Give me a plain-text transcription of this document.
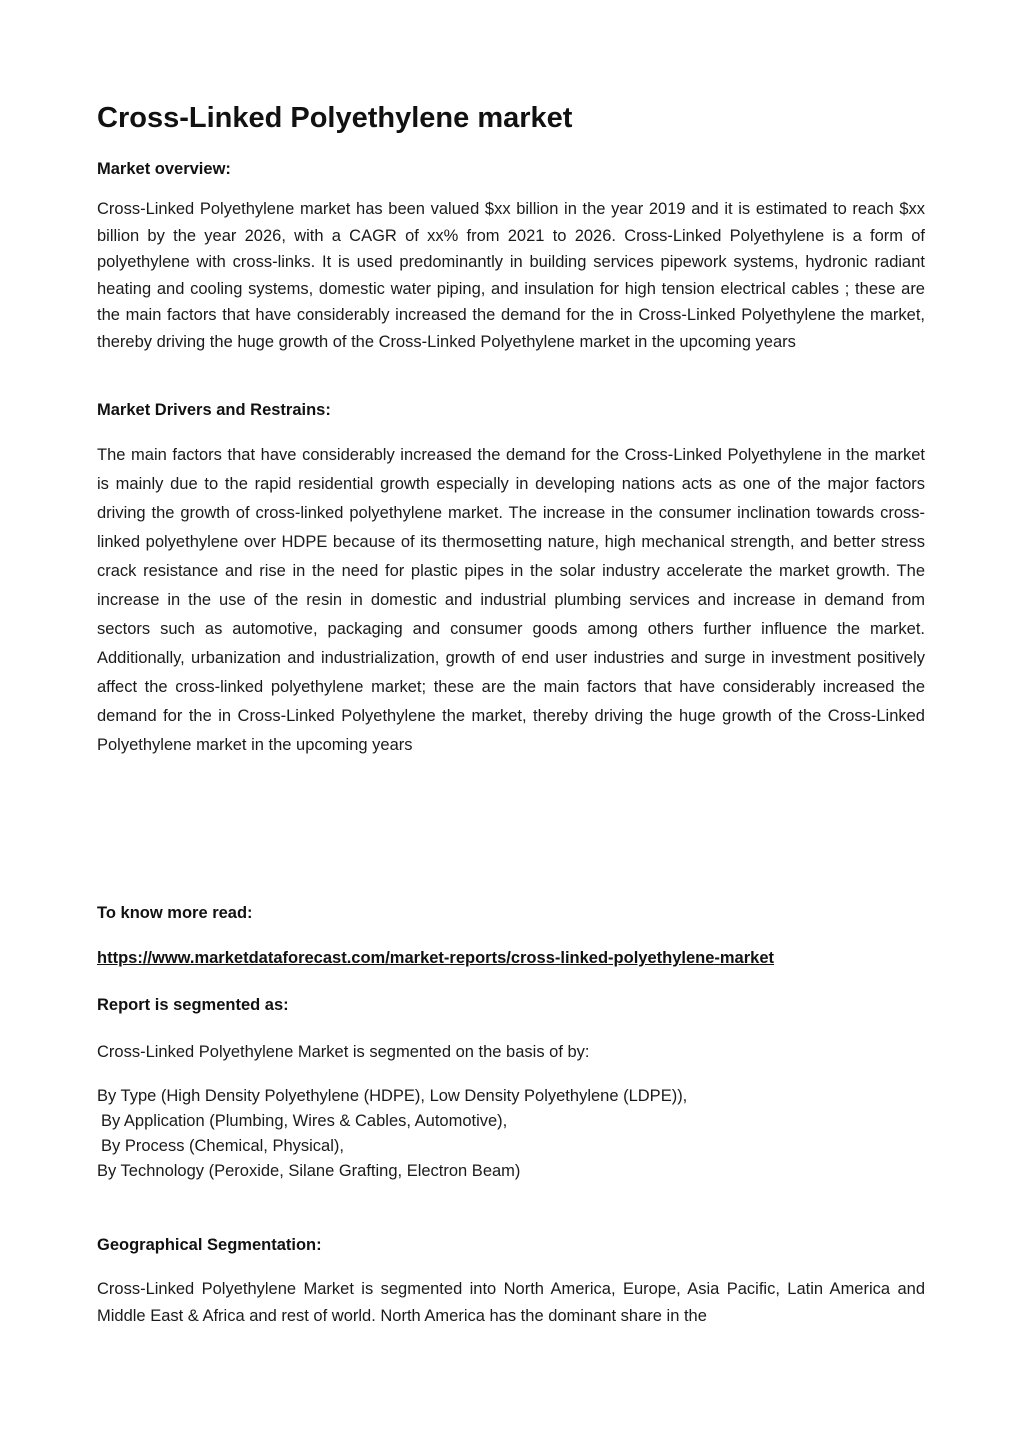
Cross-Linked Polyethylene market
Market overview:

Cross-Linked Polyethylene market has been valued $xx billion in the year 2019 and it is estimated to reach $xx billion by the year 2026, with a CAGR of xx% from 2021 to 2026. Cross-Linked Polyethylene is a form of polyethylene with cross-links. It is used predominantly in building services pipework systems, hydronic radiant heating and cooling systems, domestic water piping, and insulation for high tension electrical cables ; these are the main factors that have considerably increased the demand for the in Cross-Linked Polyethylene the market, thereby driving the huge growth of the Cross-Linked Polyethylene market in the upcoming years

Market Drivers and Restrains:

The main factors that have considerably increased the demand for the Cross-Linked Polyethylene in the market is mainly due to the rapid residential growth especially in developing nations acts as one of the major factors driving the growth of cross-linked polyethylene market. The increase in the consumer inclination towards cross-linked polyethylene over HDPE because of its thermosetting nature, high mechanical strength, and better stress crack resistance and rise in the need for plastic pipes in the solar industry accelerate the market growth. The increase in the use of the resin in domestic and industrial plumbing services and increase in demand from sectors such as automotive, packaging and consumer goods among others further influence the market. Additionally, urbanization and industrialization, growth of end user industries and surge in investment positively affect the cross-linked polyethylene market; these are the main factors that have considerably increased the demand for the in Cross-Linked Polyethylene the market, thereby driving the huge growth of the Cross-Linked Polyethylene market in the upcoming years

To know more read:
https://www.marketdataforecast.com/market-reports/cross-linked-polyethylene-market
Report is segmented as:
Cross-Linked Polyethylene Market is segmented on the basis of by:
By Type (High Density Polyethylene (HDPE), Low Density Polyethylene (LDPE)),
By Application (Plumbing, Wires & Cables, Automotive),
By Process (Chemical, Physical),
By Technology (Peroxide, Silane Grafting, Electron Beam)
Geographical Segmentation:

Cross-Linked Polyethylene Market is segmented into North America, Europe, Asia Pacific, Latin America and Middle East & Africa and rest of world. North America has the dominant share in the
